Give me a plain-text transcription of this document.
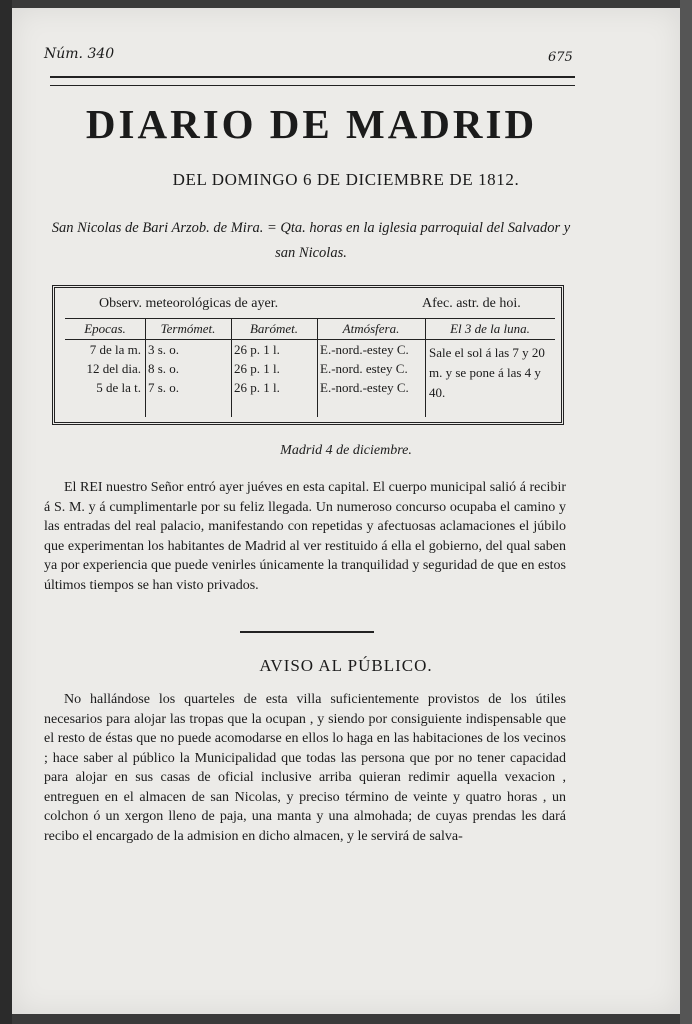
Núm. 340	675
DIARIO DE MADRID
DEL DOMINGO 6 DE DICIEMBRE DE 1812.
San Nicolas de Bari Arzob. de Mira. = Qta. horas en la iglesia parroquial del Salvador y san Nicolas.
Observ. meteorológicas de ayer.	Afec. astr. de hoi.
Epocas.
7 de la m.
12 del dia.
5 de la t.
Termómet.
3 s. o.
8 s. o.
7 s. o.
Barómet.
26 p. 1 l.
26 p. 1 l.
26 p. 1 l.
Atmósfera.
E.-nord.-estey C.
E.-nord. estey C.
E.-nord.-estey C.
El 3 de la luna.
Sale el sol á las 7 y 20 m. y se pone á las 4 y 40.
Madrid 4 de diciembre.
El REI nuestro Señor entró ayer juéves en esta capital. El cuerpo municipal salió á recibir á S. M. y á cumplimentarle por su feliz llegada. Un numeroso concurso ocupaba el camino y las entradas del real palacio, manifestando con repetidas y afectuosas aclamaciones el júbilo que experimentan los habitantes de Madrid al ver restituido á ella el gobierno, del qual saben ya por experiencia que puede venirles únicamente la tranquilidad y seguridad de que en estos últimos tiempos se han visto privados.
AVISO AL PÚBLICO.
No hallándose los quarteles de esta villa suficientemente provistos de los útiles necesarios para alojar las tropas que la ocupan , y siendo por consiguiente indispensable que el resto de éstas que no puede acomodarse en ellos lo haga en las habitaciones de los vecinos ; hace saber al público la Municipalidad que todas las persona que por no tener capacidad para alojar en sus casas de oficial inclusive arriba quieran redimir aquella vexacion , entreguen en el almacen de san Nicolas, y preciso término de veinte y quatro horas , un colchon ó un xergon lleno de paja, una manta y una almohada; de cuyas prendas les dará recibo el encargado de la admision en dicho almacen, y le servirá de salva-
